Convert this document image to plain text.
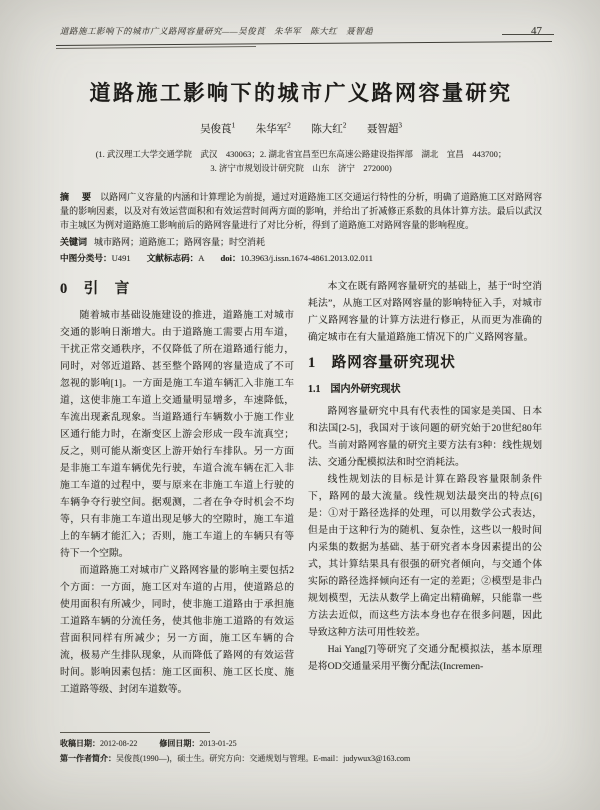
道路施工影响下的城市广义路网容量研究——吴俊莨　朱华军　陈大红　聂智超	47
道路施工影响下的城市广义路网容量研究
吴俊莨$^1$ 朱华军$^2$ 陈大红$^2$ 聂智超$^3$
(1. 武汉理工大学交通学院　武汉　430063；2. 湖北省宜昌至巴东高速公路建设指挥部　湖北　宜昌　443700；
3. 济宁市规划设计研究院　山东　济宁　272000)
摘　要 以路网广义容量的内涵和计算理论为前提，通过对道路施工区交通运行特性的分析，明确了道路施工区对路网容量的影响因素，以及对有效运营面积和有效运营时间两方面的影响，并给出了折减修正系数的具体计算方法。最后以武汉市主城区为例对道路施工影响前后的路网容量进行了对比分析，得到了道路施工对路网容量的影响程度。
关键词 城市路网；道路施工；路网容量；时空消耗
中图分类号：U491 文献标志码：A doi：10.3963/j.issn.1674-4861.2013.02.011
0　引　言

随着城市基础设施建设的推进，道路施工对城市交通的影响日渐增大。由于道路施工需要占用车道，干扰正常交通秩序，不仅降低了所在道路通行能力，同时，对邻近道路、甚至整个路网的容量造成了不可忽视的影响[1]。一方面是施工车道车辆汇入非施工车道，这使非施工车道上交通量明显增多，车速降低，车流出现紊乱现象。当道路通行车辆数小于施工作业区通行能力时，在渐变区上游会形成一段车流真空；反之，则可能从渐变区上游开始行车排队。另一方面是非施工车道车辆优先行驶，车道合流车辆在汇入非施工车道的过程中，要与原来在非施工车道上行驶的车辆争夺行驶空间。据观测，二者在争夺时机会不均等，只有非施工车道出现足够大的空隙时，施工车道上的车辆才能汇入；否则，施工车道上的车辆只有等待下一个空隙。

而道路施工对城市广义路网容量的影响主要包括2个方面：一方面，施工区对车道的占用，使道路总的使用面积有所减少，同时，使非施工道路由于承担施工道路车辆的分流任务，使其他非施工道路的有效运营面积同样有所减少；另一方面，施工区车辆的合流，极易产生排队现象，从而降低了路网的有效运营时间。影响因素包括：施工区面积、施工区长度、施工道路等级、封闭车道数等。

本文在既有路网容量研究的基础上，基于“时空消耗法”，从施工区对路网容量的影响特征入手，对城市广义路网容量的计算方法进行修正，从而更为准确的确定城市在有大量道路施工情况下的广义路网容量。

1　路网容量研究现状
1.1　国内外研究现状

路网容量研究中具有代表性的国家是美国、日本和法国[2-5]，我国对于该问题的研究始于20世纪80年代。当前对路网容量的研究主要方法有3种：线性规划法、交通分配模拟法和时空消耗法。

线性规划法的目标是计算在路段容量限制条件下，路网的最大流量。线性规划法最突出的特点[6]是：①对于路径选择的处理，可以用数学公式表达，但是由于这种行为的随机、复杂性，这些以一般时间内采集的数据为基础、基于研究者本身因素提出的公式，其计算结果具有很强的研究者倾向，与交通个体实际的路径选择倾向还有一定的差距；②模型是非凸规划模型，无法从数学上确定出精确解，只能靠一些方法去近似，而这些方法本身也存在很多问题，因此导致这种方法可用性较差。

Hai Yang[7]等研究了交通分配模拟法，基本原理是将OD交通量采用平衡分配法(Incremen-

收稿日期：2012-08-22	修回日期：2013-01-25
第一作者简介：吴俊莨(1990—)，硕士生。研究方向：交通规划与管理。E-mail：judywux3@163.com
